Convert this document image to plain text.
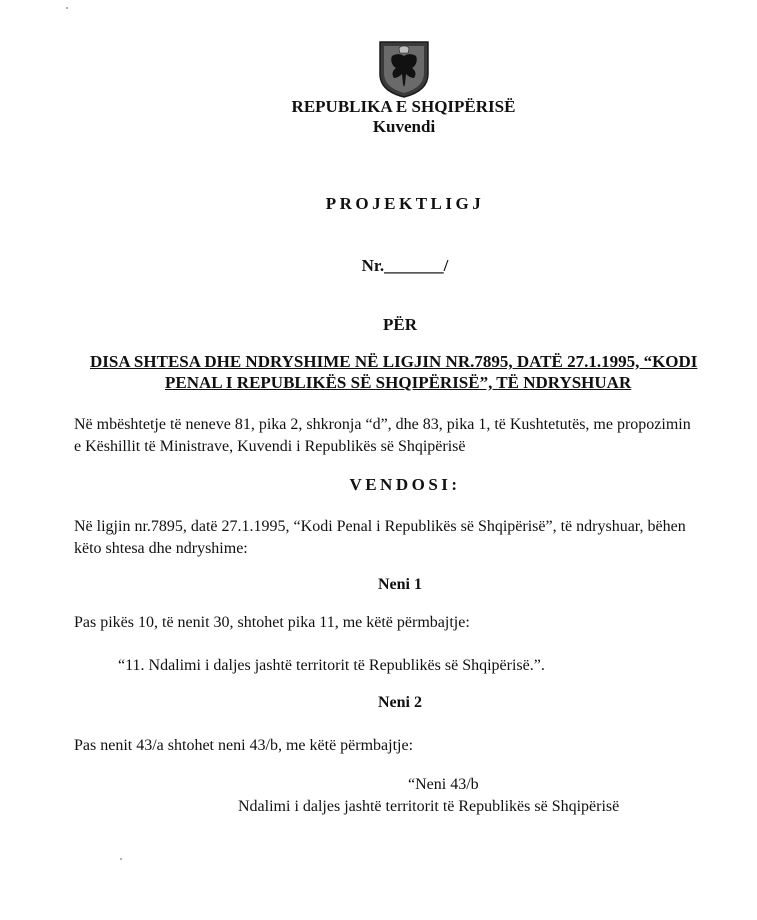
REPUBLIKA E SHQIPËRISË
Kuvendi
PROJEKTLIGJ
Nr._______/
PËR
DISA SHTESA DHE NDRYSHIME NË LIGJIN NR.7895, DATË 27.1.1995, “KODI
PENAL I REPUBLIKËS SË SHQIPËRISË”, TË NDRYSHUAR
Në mbështetje të neneve 81, pika 2, shkronja “d”, dhe 83, pika 1, të Kushtetutës, me propozimin
e Këshillit të Ministrave, Kuvendi i Republikës së Shqipërisë
VENDOSI:
Në ligjin nr.7895, datë 27.1.1995, “Kodi Penal i Republikës së Shqipërisë”, të ndryshuar, bëhen
këto shtesa dhe ndryshime:
Neni 1
Pas pikës 10, të nenit 30, shtohet pika 11, me këtë përmbajtje:
“11. Ndalimi i daljes jashtë territorit të Republikës së Shqipërisë.”.
Neni 2
Pas nenit 43/a shtohet neni 43/b, me këtë përmbajtje:
“Neni 43/b
Ndalimi i daljes jashtë territorit të Republikës së Shqipërisë
